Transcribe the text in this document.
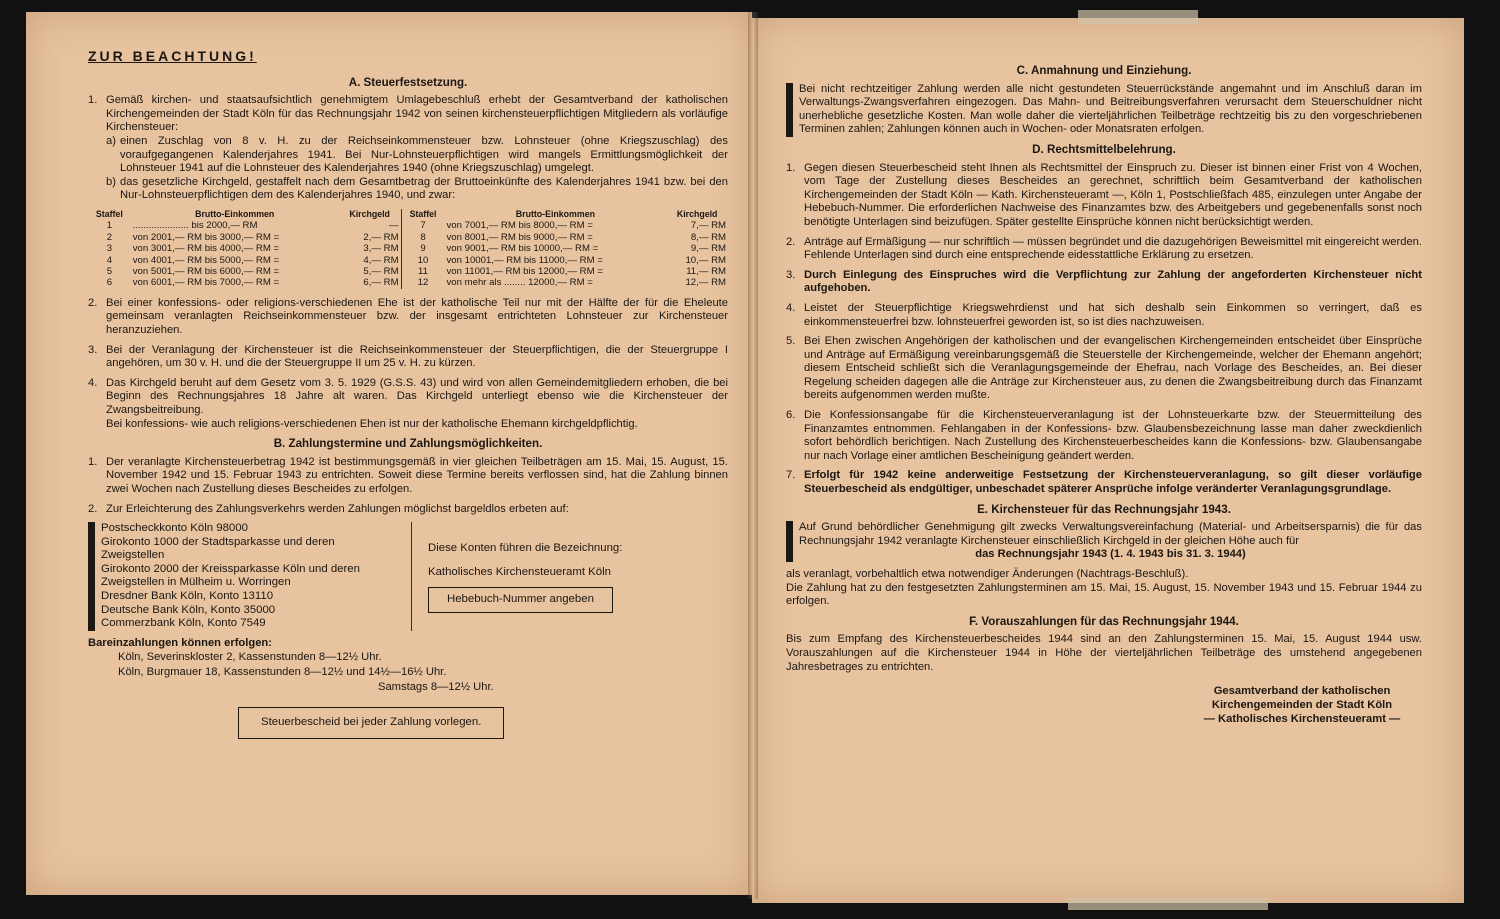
ZUR BEACHTUNG!
A. Steuerfestsetzung.
1. Gemäß kirchen- und staatsaufsichtlich genehmigtem Umlagebeschluß erhebt der Gesamtverband der katholischen Kirchengemeinden der Stadt Köln für das Rechnungsjahr 1942 von seinen kirchensteuerpflichtigen Mitgliedern als vorläufige Kirchensteuer:
a) einen Zuschlag von 8 v. H. zu der Reichseinkommensteuer bzw. Lohnsteuer (ohne Kriegszuschlag) des voraufgegangenen Kalenderjahres 1941. Bei Nur-Lohnsteuerpflichtigen wird mangels Ermittlungsmöglichkeit der Lohnsteuer 1941 auf die Lohnsteuer des Kalenderjahres 1940 (ohne Kriegszuschlag) umgelegt.
b) das gesetzliche Kirchgeld, gestaffelt nach dem Gesamtbetrag der Bruttoeinkünfte des Kalenderjahres 1941 bzw. bei den Nur-Lohnsteuerpflichtigen dem des Kalenderjahres 1940, und zwar:
Staffel	Brutto-Einkommen	Kirchgeld	Staffel	Brutto-Einkommen	Kirchgeld
1	..................... bis 2000,— RM	—	7	von 7001,— RM bis 8000,— RM =	7,— RM
2	von 2001,— RM bis 3000,— RM =	2,— RM	8	von 8001,— RM bis 9000,— RM =	8,— RM
3	von 3001,— RM bis 4000,— RM =	3,— RM	9	von 9001,— RM bis 10000,— RM =	9,— RM
4	von 4001,— RM bis 5000,— RM =	4,— RM	10	von 10001,— RM bis 11000,— RM =	10,— RM
5	von 5001,— RM bis 6000,— RM =	5,— RM	11	von 11001,— RM bis 12000,— RM =	11,— RM
6	von 6001,— RM bis 7000,— RM =	6,— RM	12	von mehr als ........ 12000,— RM =	12,— RM
2. Bei einer konfessions- oder religions-verschiedenen Ehe ist der katholische Teil nur mit der Hälfte der für die Eheleute gemeinsam veranlagten Reichseinkommensteuer bzw. der insgesamt entrichteten Lohnsteuer zur Kirchensteuer heranzuziehen.
3. Bei der Veranlagung der Kirchensteuer ist die Reichseinkommensteuer der Steuerpflichtigen, die der Steuergruppe I angehören, um 30 v. H. und die der Steuergruppe II um 25 v. H. zu kürzen.
4. Das Kirchgeld beruht auf dem Gesetz vom 3. 5. 1929 (G.S.S. 43) und wird von allen Gemeindemitgliedern erhoben, die bei Beginn des Rechnungsjahres 18 Jahre alt waren. Das Kirchgeld unterliegt ebenso wie die Kirchensteuer der Zwangsbeitreibung.
Bei konfessions- wie auch religions-verschiedenen Ehen ist nur der katholische Ehemann kirchgeldpflichtig.
B. Zahlungstermine und Zahlungsmöglichkeiten.
1. Der veranlagte Kirchensteuerbetrag 1942 ist bestimmungsgemäß in vier gleichen Teilbeträgen am 15. Mai, 15. August, 15. November 1942 und 15. Februar 1943 zu entrichten. Soweit diese Termine bereits verflossen sind, hat die Zahlung binnen zwei Wochen nach Zustellung dieses Bescheides zu erfolgen.
2. Zur Erleichterung des Zahlungsverkehrs werden Zahlungen möglichst bargeldlos erbeten auf:
Postscheckkonto Köln 98000
Girokonto 1000 der Stadtsparkasse und deren Zweigstellen
Girokonto 2000 der Kreissparkasse Köln und deren Zweigstellen in Mülheim u. Worringen
Dresdner Bank Köln, Konto 13110
Deutsche Bank Köln, Konto 35000
Commerzbank Köln, Konto 7549
Diese Konten führen die Bezeichnung:
Katholisches Kirchensteueramt Köln
Hebebuch-Nummer angeben
Bareinzahlungen können erfolgen:
Köln, Severinskloster 2, Kassenstunden 8—12½ Uhr.
Köln, Burgmauer 18, Kassenstunden 8—12½ und 14½—16½ Uhr.
Samstags 8—12½ Uhr.
Steuerbescheid bei jeder Zahlung vorlegen.
C. Anmahnung und Einziehung.
Bei nicht rechtzeitiger Zahlung werden alle nicht gestundeten Steuerrückstände angemahnt und im Anschluß daran im Verwaltungs-Zwangsverfahren eingezogen. Das Mahn- und Beitreibungsverfahren verursacht dem Steuerschuldner nicht unerhebliche gesetzliche Kosten. Man wolle daher die vierteljährlichen Teilbeträge rechtzeitig bis zu den vorgeschriebenen Terminen zahlen; Zahlungen können auch in Wochen- oder Monatsraten erfolgen.
D. Rechtsmittelbelehrung.
1. Gegen diesen Steuerbescheid steht Ihnen als Rechtsmittel der Einspruch zu. Dieser ist binnen einer Frist von 4 Wochen, vom Tage der Zustellung dieses Bescheides an gerechnet, schriftlich beim Gesamtverband der katholischen Kirchengemeinden der Stadt Köln — Kath. Kirchensteueramt —, Köln 1, Postschließfach 485, einzulegen unter Angabe der Hebebuch-Nummer. Die erforderlichen Nachweise des Finanzamtes bzw. des Arbeitgebers und gegebenenfalls sonst noch benötigte Unterlagen sind beizufügen. Später gestellte Einsprüche können nicht berücksichtigt werden.
2. Anträge auf Ermäßigung — nur schriftlich — müssen begründet und die dazugehörigen Beweismittel mit eingereicht werden. Fehlende Unterlagen sind durch eine entsprechende eidesstattliche Erklärung zu ersetzen.
3. Durch Einlegung des Einspruches wird die Verpflichtung zur Zahlung der angeforderten Kirchensteuer nicht aufgehoben.
4. Leistet der Steuerpflichtige Kriegswehrdienst und hat sich deshalb sein Einkommen so verringert, daß es einkommensteuerfrei bzw. lohnsteuerfrei geworden ist, so ist dies nachzuweisen.
5. Bei Ehen zwischen Angehörigen der katholischen und der evangelischen Kirchengemeinden entscheidet über Einsprüche und Anträge auf Ermäßigung vereinbarungsgemäß die Steuerstelle der Kirchengemeinde, welcher der Ehemann angehört; diesem Entscheid schließt sich die Veranlagungsgemeinde der Ehefrau, nach Vorlage des Bescheides, an. Bei dieser Regelung scheiden dagegen alle die Anträge zur Kirchensteuer aus, zu denen die Zwangsbeitreibung durch das Finanzamt bereits aufgenommen werden mußte.
6. Die Konfessionsangabe für die Kirchensteuerveranlagung ist der Lohnsteuerkarte bzw. der Steuermitteilung des Finanzamtes entnommen. Fehlangaben in der Konfessions- bzw. Glaubensbezeichnung lasse man daher zweckdienlich sofort behördlich berichtigen. Nach Zustellung des Kirchensteuerbescheides kann die Konfessions- bzw. Glaubensangabe nur nach Vorlage einer amtlichen Bescheinigung geändert werden.
7. Erfolgt für 1942 keine anderweitige Festsetzung der Kirchensteuerveranlagung, so gilt dieser vorläufige Steuerbescheid als endgültiger, unbeschadet späterer Ansprüche infolge veränderter Veranlagungsgrundlage.
E. Kirchensteuer für das Rechnungsjahr 1943.
Auf Grund behördlicher Genehmigung gilt zwecks Verwaltungsvereinfachung (Material- und Arbeitsersparnis) die für das Rechnungsjahr 1942 veranlagte Kirchensteuer einschließlich Kirchgeld in der gleichen Höhe auch für
das Rechnungsjahr 1943 (1. 4. 1943 bis 31. 3. 1944)
als veranlagt, vorbehaltlich etwa notwendiger Änderungen (Nachtrags-Beschluß).
Die Zahlung hat zu den festgesetzten Zahlungsterminen am 15. Mai, 15. August, 15. November 1943 und 15. Februar 1944 zu erfolgen.
F. Vorauszahlungen für das Rechnungsjahr 1944.
Bis zum Empfang des Kirchensteuerbescheides 1944 sind an den Zahlungsterminen 15. Mai, 15. August 1944 usw. Vorauszahlungen auf die Kirchensteuer 1944 in Höhe der vierteljährlichen Teilbeträge des umstehend angegebenen Jahresbetrages zu entrichten.
Gesamtverband der katholischen
Kirchengemeinden der Stadt Köln
— Katholisches Kirchensteueramt —
